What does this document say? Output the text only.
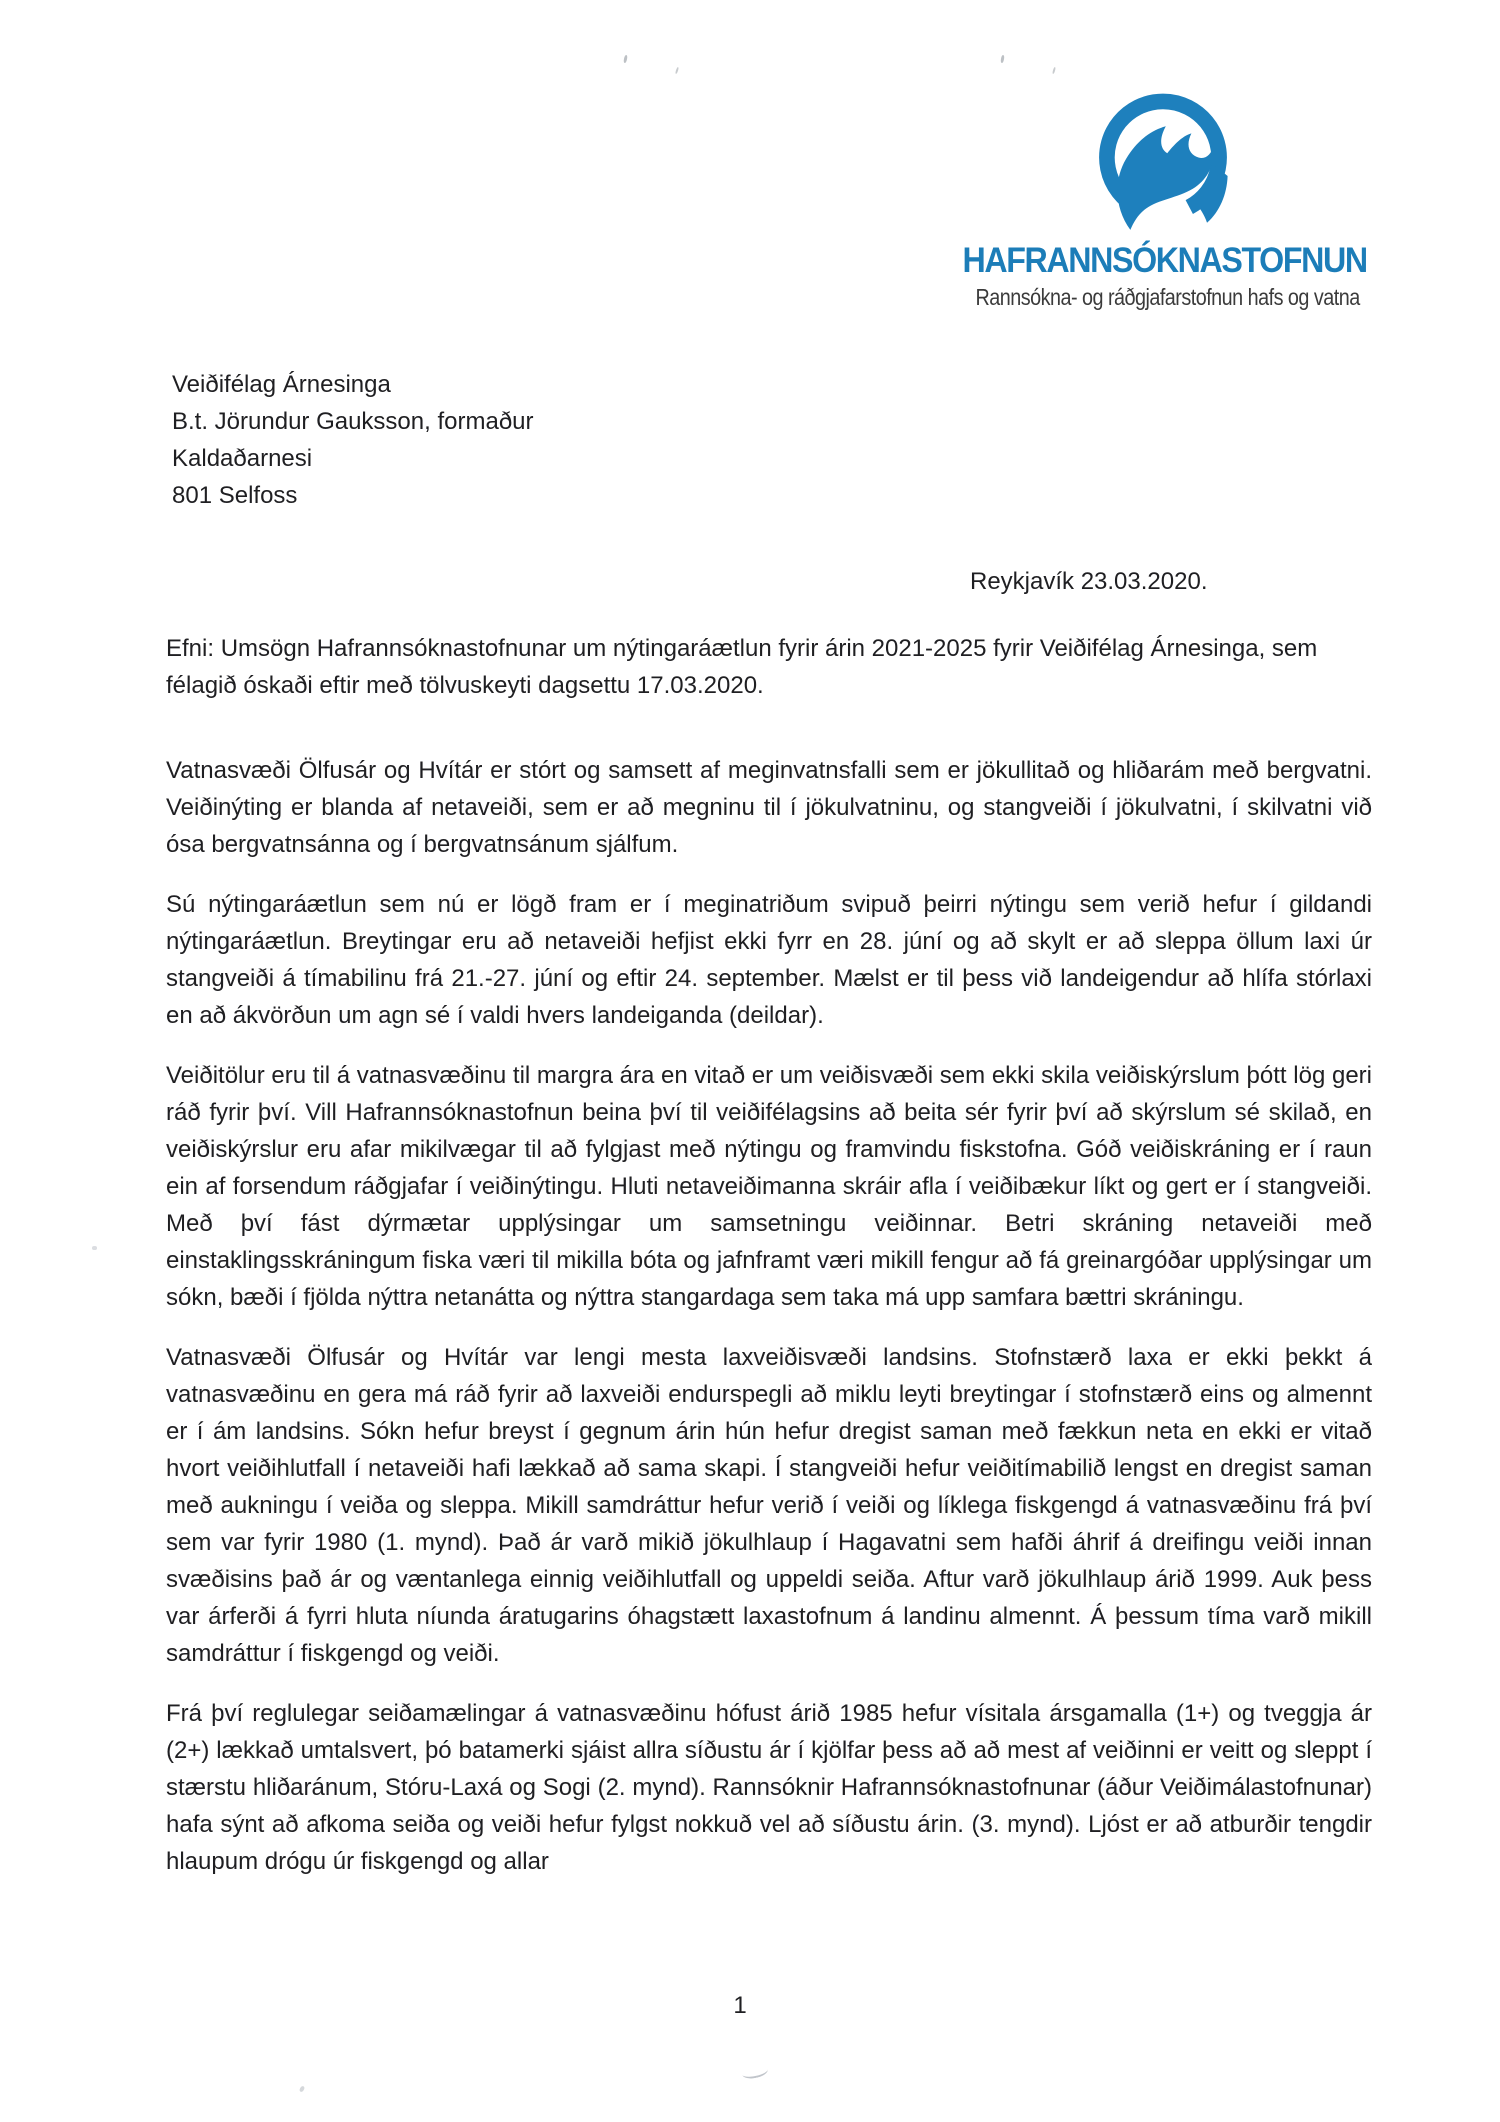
HAFRANNSÓKNASTOFNUN
Rannsókna- og ráðgjafarstofnun hafs og vatna
Veiðifélag Árnesinga
B.t. Jörundur Gauksson, formaður
Kaldaðarnesi
801 Selfoss
Reykjavík 23.03.2020.
Efni: Umsögn Hafrannsóknastofnunar um nýtingaráætlun fyrir árin 2021-2025 fyrir Veiðifélag Árnesinga, sem félagið óskaði eftir með tölvuskeyti dagsettu 17.03.2020.

Vatnasvæði Ölfusár og Hvítár er stórt og samsett af meginvatnsfalli sem er jökullitað og hliðarám með bergvatni. Veiðinýting er blanda af netaveiði, sem er að megninu til í jökulvatninu, og stangveiði í jökulvatni, í skilvatni við ósa bergvatnsánna og í bergvatnsánum sjálfum.

Sú nýtingaráætlun sem nú er lögð fram er í meginatriðum svipuð þeirri nýtingu sem verið hefur í gildandi nýtingaráætlun. Breytingar eru að netaveiði hefjist ekki fyrr en 28. júní og að skylt er að sleppa öllum laxi úr stangveiði á tímabilinu frá 21.-27. júní og eftir 24. september. Mælst er til þess við landeigendur að hlífa stórlaxi en að ákvörðun um agn sé í valdi hvers landeiganda (deildar).

Veiðitölur eru til á vatnasvæðinu til margra ára en vitað er um veiðisvæði sem ekki skila veiðiskýrslum þótt lög geri ráð fyrir því. Vill Hafrannsóknastofnun beina því til veiðifélagsins að beita sér fyrir því að skýrslum sé skilað, en veiðiskýrslur eru afar mikilvægar til að fylgjast með nýtingu og framvindu fiskstofna. Góð veiðiskráning er í raun ein af forsendum ráðgjafar í veiðinýtingu. Hluti netaveiðimanna skráir afla í veiðibækur líkt og gert er í stangveiði. Með því fást dýrmætar upplýsingar um samsetningu veiðinnar. Betri skráning netaveiði með einstaklingsskráningum fiska væri til mikilla bóta og jafnframt væri mikill fengur að fá greinargóðar upplýsingar um sókn, bæði í fjölda nýttra netanátta og nýttra stangardaga sem taka má upp samfara bættri skráningu.

Vatnasvæði Ölfusár og Hvítár var lengi mesta laxveiðisvæði landsins. Stofnstærð laxa er ekki þekkt á vatnasvæðinu en gera má ráð fyrir að laxveiði endurspegli að miklu leyti breytingar í stofnstærð eins og almennt er í ám landsins. Sókn hefur breyst í gegnum árin hún hefur dregist saman með fækkun neta en ekki er vitað hvort veiðihlutfall í netaveiði hafi lækkað að sama skapi. Í stangveiði hefur veiðitímabilið lengst en dregist saman með aukningu í veiða og sleppa. Mikill samdráttur hefur verið í veiði og líklega fiskgengd á vatnasvæðinu frá því sem var fyrir 1980 (1. mynd). Það ár varð mikið jökulhlaup í Hagavatni sem hafði áhrif á dreifingu veiði innan svæðisins það ár og væntanlega einnig veiðihlutfall og uppeldi seiða. Aftur varð jökulhlaup árið 1999. Auk þess var árferði á fyrri hluta níunda áratugarins óhagstætt laxastofnum á landinu almennt. Á þessum tíma varð mikill samdráttur í fiskgengd og veiði.

Frá því reglulegar seiðamælingar á vatnasvæðinu hófust árið 1985 hefur vísitala ársgamalla (1+) og tveggja ár (2+) lækkað umtalsvert, þó batamerki sjáist allra síðustu ár í kjölfar þess að að mest af veiðinni er veitt og sleppt í stærstu hliðaránum, Stóru-Laxá og Sogi (2. mynd). Rannsóknir Hafrannsóknastofnunar (áður Veiðimálastofnunar) hafa sýnt að afkoma seiða og veiði hefur fylgst nokkuð vel að síðustu árin. (3. mynd). Ljóst er að atburðir tengdir hlaupum drógu úr fiskgengd og allar

1
